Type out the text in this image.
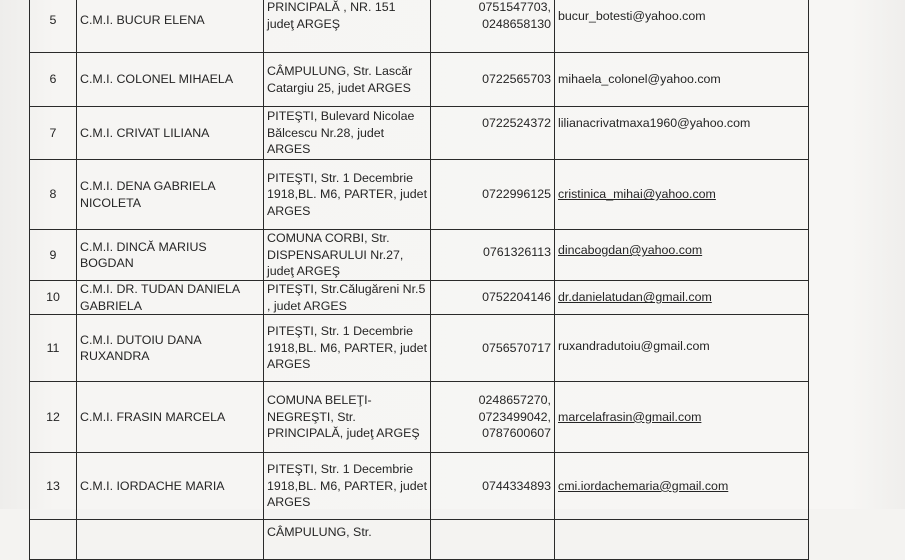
5	C.M.I. BUCUR ELENA	PRINCIPALĂ , NR. 151
judeţ ARGEŞ	0751547703,
0248658130	bucur_botesti@yahoo.com
6	C.M.I. COLONEL MIHAELA	CÂMPULUNG, Str. Lascăr Catargiu 25, judet ARGES	0722565703	mihaela_colonel@yahoo.com
7	C.M.I. CRIVAT LILIANA	PITEŞTI, Bulevard Nicolae Bălcescu Nr.28, judet ARGES	0722524372	lilianacrivatmaxa1960@yahoo.com
8	C.M.I. DENA GABRIELA NICOLETA	PITEŞTI, Str. 1 Decembrie 1918,BL. M6, PARTER, judet ARGES	0722996125	cristinica_mihai@yahoo.com
9	C.M.I. DINCĂ MARIUS BOGDAN	COMUNA CORBI, Str. DISPENSARULUI Nr.27, judeţ ARGEŞ	0761326113	dincabogdan@yahoo.com
10	C.M.I. DR. TUDAN DANIELA GABRIELA	PITEŞTI, Str.Călugăreni Nr.5 , judet ARGES	0752204146	dr.danielatudan@gmail.com
11	C.M.I. DUTOIU DANA RUXANDRA	PITEŞTI, Str. 1 Decembrie 1918,BL. M6, PARTER, judet ARGES	0756570717	ruxandradutoiu@gmail.com
12	C.M.I. FRASIN MARCELA	COMUNA BELEŢI-NEGREŞTI, Str. PRINCIPALĂ, judeţ ARGEŞ	0248657270,
0723499042,
0787600607	marcelafrasin@gmail.com
13	C.M.I. IORDACHE MARIA	PITEŞTI, Str. 1 Decembrie 1918,BL. M6, PARTER, judet ARGES	0744334893	cmi.iordachemaria@gmail.com
		CÂMPULUNG, Str.		
